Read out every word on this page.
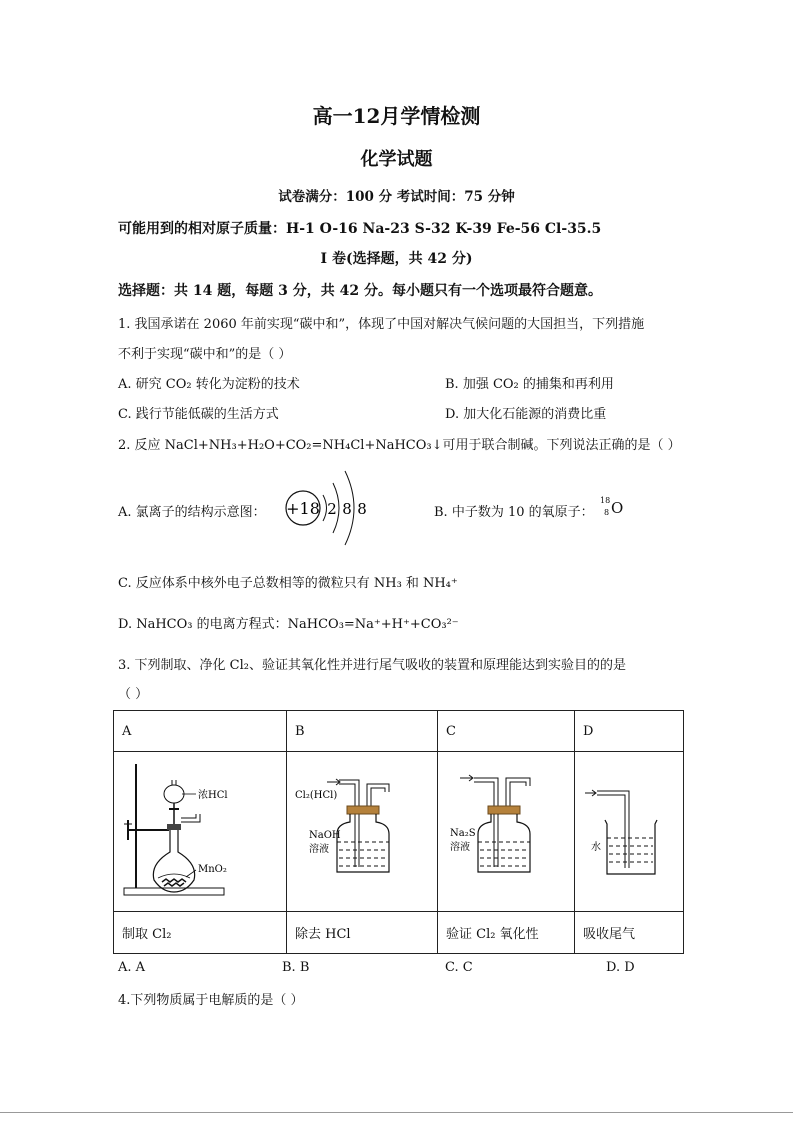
高一12月学情检测
化学试题
试卷满分：100 分 考试时间：75 分钟
可能用到的相对原子质量：H-1 O-16 Na-23 S-32 K-39 Fe-56 Cl-35.5
I 卷(选择题，共 42 分)
选择题：共 14 题，每题 3 分，共 42 分。每小题只有一个选项最符合题意。
1. 我国承诺在 2060 年前实现“碳中和”，体现了中国对解决气候问题的大国担当，下列措施
不利于实现“碳中和”的是（ ）
A. 研究 CO₂ 转化为淀粉的技术	B. 加强 CO₂ 的捕集和再利用
C. 践行节能低碳的生活方式	D. 加大化石能源的消费比重
2. 反应 NaCl+NH₃+H₂O+CO₂=NH₄Cl+NaHCO₃↓可用于联合制碱。下列说法正确的是（ ）
A. 氯离子的结构示意图： +18 2 8 8	B. 中子数为 10 的氧原子：
18
8 O
C. 反应体系中核外电子总数相等的微粒只有 NH₃ 和 NH₄⁺
D. NaHCO₃ 的电离方程式：NaHCO₃=Na⁺+H⁺+CO₃²⁻
3. 下列制取、净化 Cl₂、验证其氧化性并进行尾气吸收的装置和原理能达到实验目的的是
（ ）
A	B	C	D

浓HCl
MnO₂	Cl₂(HCl)
NaOH
溶液	Na₂S
溶液	水

制取 Cl₂	除去 HCl	验证 Cl₂ 氧化性	吸收尾气
A. A	B. B	C. C	D. D
4.下列物质属于电解质的是（ ）
